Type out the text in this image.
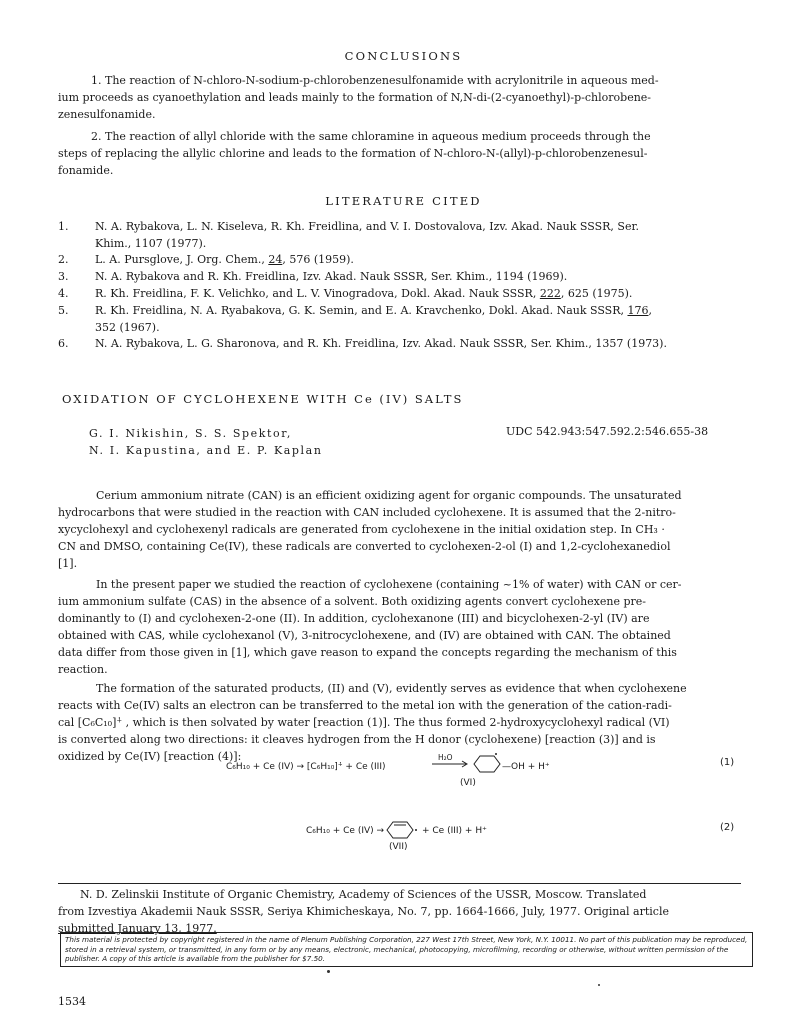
CONCLUSIONS
1. The reaction of N-chloro-N-sodium-p-chlorobenzenesulfonamide with acrylonitrile in aqueous med-
ium proceeds as cyanoethylation and leads mainly to the formation of N,N-di-(2-cyanoethyl)-p-chlorobene-
zenesulfonamide.
2. The reaction of allyl chloride with the same chloramine in aqueous medium proceeds through the
steps of replacing the allylic chlorine and leads to the formation of N-chloro-N-(allyl)-p-chlorobenzenesul-
fonamide.
LITERATURE CITED
1. N. A. Rybakova, L. N. Kiseleva, R. Kh. Freidlina, and V. I. Dostovalova, Izv. Akad. Nauk SSSR, Ser.
Khim., 1107 (1977).
2. L. A. Pursglove, J. Org. Chem., 24, 576 (1959).
3. N. A. Rybakova and R. Kh. Freidlina, Izv. Akad. Nauk SSSR, Ser. Khim., 1194 (1969).
4. R. Kh. Freidlina, F. K. Velichko, and L. V. Vinogradova, Dokl. Akad. Nauk SSSR, 222, 625 (1975).
5. R. Kh. Freidlina, N. A. Ryabakova, G. K. Semin, and E. A. Kravchenko, Dokl. Akad. Nauk SSSR, 176,
352 (1967).
6. N. A. Rybakova, L. G. Sharonova, and R. Kh. Freidlina, Izv. Akad. Nauk SSSR, Ser. Khim., 1357 (1973).
OXIDATION OF CYCLOHEXENE WITH Ce (IV) SALTS
G. I. Nikishin, S. S. Spektor,
N. I. Kapustina, and E. P. Kaplan
UDC 542.943:547.592.2:546.655-38
Cerium ammonium nitrate (CAN) is an efficient oxidizing agent for organic compounds. The unsaturated
hydrocarbons that were studied in the reaction with CAN included cyclohexene. It is assumed that the 2-nitro-
xycyclohexyl and cyclohexenyl radicals are generated from cyclohexene in the initial oxidation step. In CH₃ ·
CN and DMSO, containing Ce(IV), these radicals are converted to cyclohexen-2-ol (I) and 1,2-cyclohexanediol
[1].
In the present paper we studied the reaction of cyclohexene (containing ~1% of water) with CAN or cer-
ium ammonium sulfate (CAS) in the absence of a solvent. Both oxidizing agents convert cyclohexene pre-
dominantly to (I) and cyclohexen-2-one (II). In addition, cyclohexanone (III) and bicyclohexen-2-yl (IV) are
obtained with CAS, while cyclohexanol (V), 3-nitrocyclohexene, and (IV) are obtained with CAN. The obtained
data differ from those given in [1], which gave reason to expand the concepts regarding the mechanism of this
reaction.
The formation of the saturated products, (II) and (V), evidently serves as evidence that when cyclohexene
reacts with Ce(IV) salts an electron can be transferred to the metal ion with the generation of the cation-radi-
cal [C₆C₁₀]⁺̇ , which is then solvated by water [reaction (1)]. The thus formed 2-hydroxycyclohexyl radical (VI)
is converted along two directions: it cleaves hydrogen from the H donor (cyclohexene) [reaction (3)] and is
oxidized by Ce(IV) [reaction (4)]:
C₆H₁₀ + Ce (IV) → [C₆H₁₀]⁺̇ + Ce (III)
H₂O
—OH + H⁺
(VI)
(1)
C₆H₁₀ + Ce (IV) →	+ Ce (III) + H⁺
(VII)
(2)
N. D. Zelinskii Institute of Organic Chemistry, Academy of Sciences of the USSR, Moscow. Translated
from Izvestiya Akademii Nauk SSSR, Seriya Khimicheskaya, No. 7, pp. 1664-1666, July, 1977. Original article
submitted January 13, 1977.
This material is protected by copyright registered in the name of Plenum Publishing Corporation, 227 West 17th Street, New York, N.Y. 10011. No part of this publication may be reproduced, stored in a retrieval system, or transmitted, in any form or by any means, electronic, mechanical, photocopying, microfilming, recording or otherwise, without written permission of the publisher. A copy of this article is available from the publisher for $7.50.
1534
